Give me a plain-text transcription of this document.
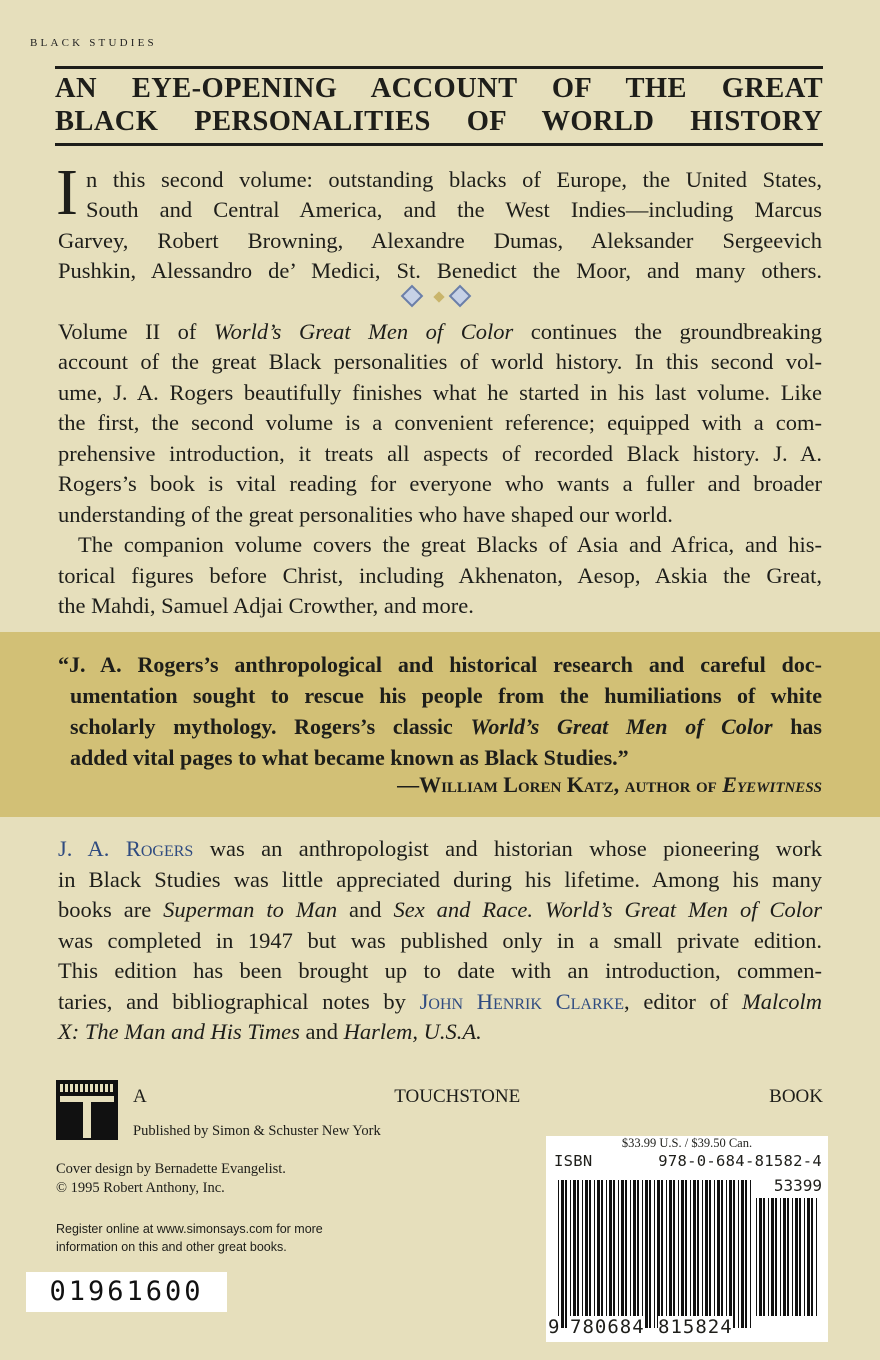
BLACK STUDIES
AN EYE-OPENING ACCOUNT OF THE GREAT
BLACK PERSONALITIES OF WORLD HISTORY
I n this second volume: outstanding blacks of Europe, the United States,
South and Central America, and the West Indies—including Marcus
Garvey, Robert Browning, Alexandre Dumas, Aleksander Sergeevich
Pushkin, Alessandro de’ Medici, St. Benedict the Moor, and many others.
Volume II of World’s Great Men of Color continues the groundbreaking
account of the great Black personalities of world history. In this second vol-
ume, J. A. Rogers beautifully finishes what he started in his last volume. Like
the first, the second volume is a convenient reference; equipped with a com-
prehensive introduction, it treats all aspects of recorded Black history. J. A.
Rogers’s book is vital reading for everyone who wants a fuller and broader
understanding of the great personalities who have shaped our world.
The companion volume covers the great Blacks of Asia and Africa, and his-
torical figures before Christ, including Akhenaton, Aesop, Askia the Great,
the Mahdi, Samuel Adjai Crowther, and more.
“J. A. Rogers’s anthropological and historical research and careful doc-
umentation sought to rescue his people from the humiliations of white
scholarly mythology. Rogers’s classic World’s Great Men of Color has
added vital pages to what became known as Black Studies.”
—William Loren Katz, author of Eyewitness
J. A. Rogers was an anthropologist and historian whose pioneering work
in Black Studies was little appreciated during his lifetime. Among his many
books are Superman to Man and Sex and Race. World’s Great Men of Color
was completed in 1947 but was published only in a small private edition.
This edition has been brought up to date with an introduction, commen-
taries, and bibliographical notes by John Henrik Clarke, editor of Malcolm
X: The Man and His Times and Harlem, U.S.A.
A TOUCHSTONE BOOK
Published by Simon & Schuster New York
Cover design by Bernadette Evangelist.
© 1995 Robert Anthony, Inc.
Register online at www.simonsays.com for more
information on this and other great books.
01961600
$33.99 U.S. / $39.50 Can.
ISBN 978-0-684-81582-4
53399
9 780684 815824
